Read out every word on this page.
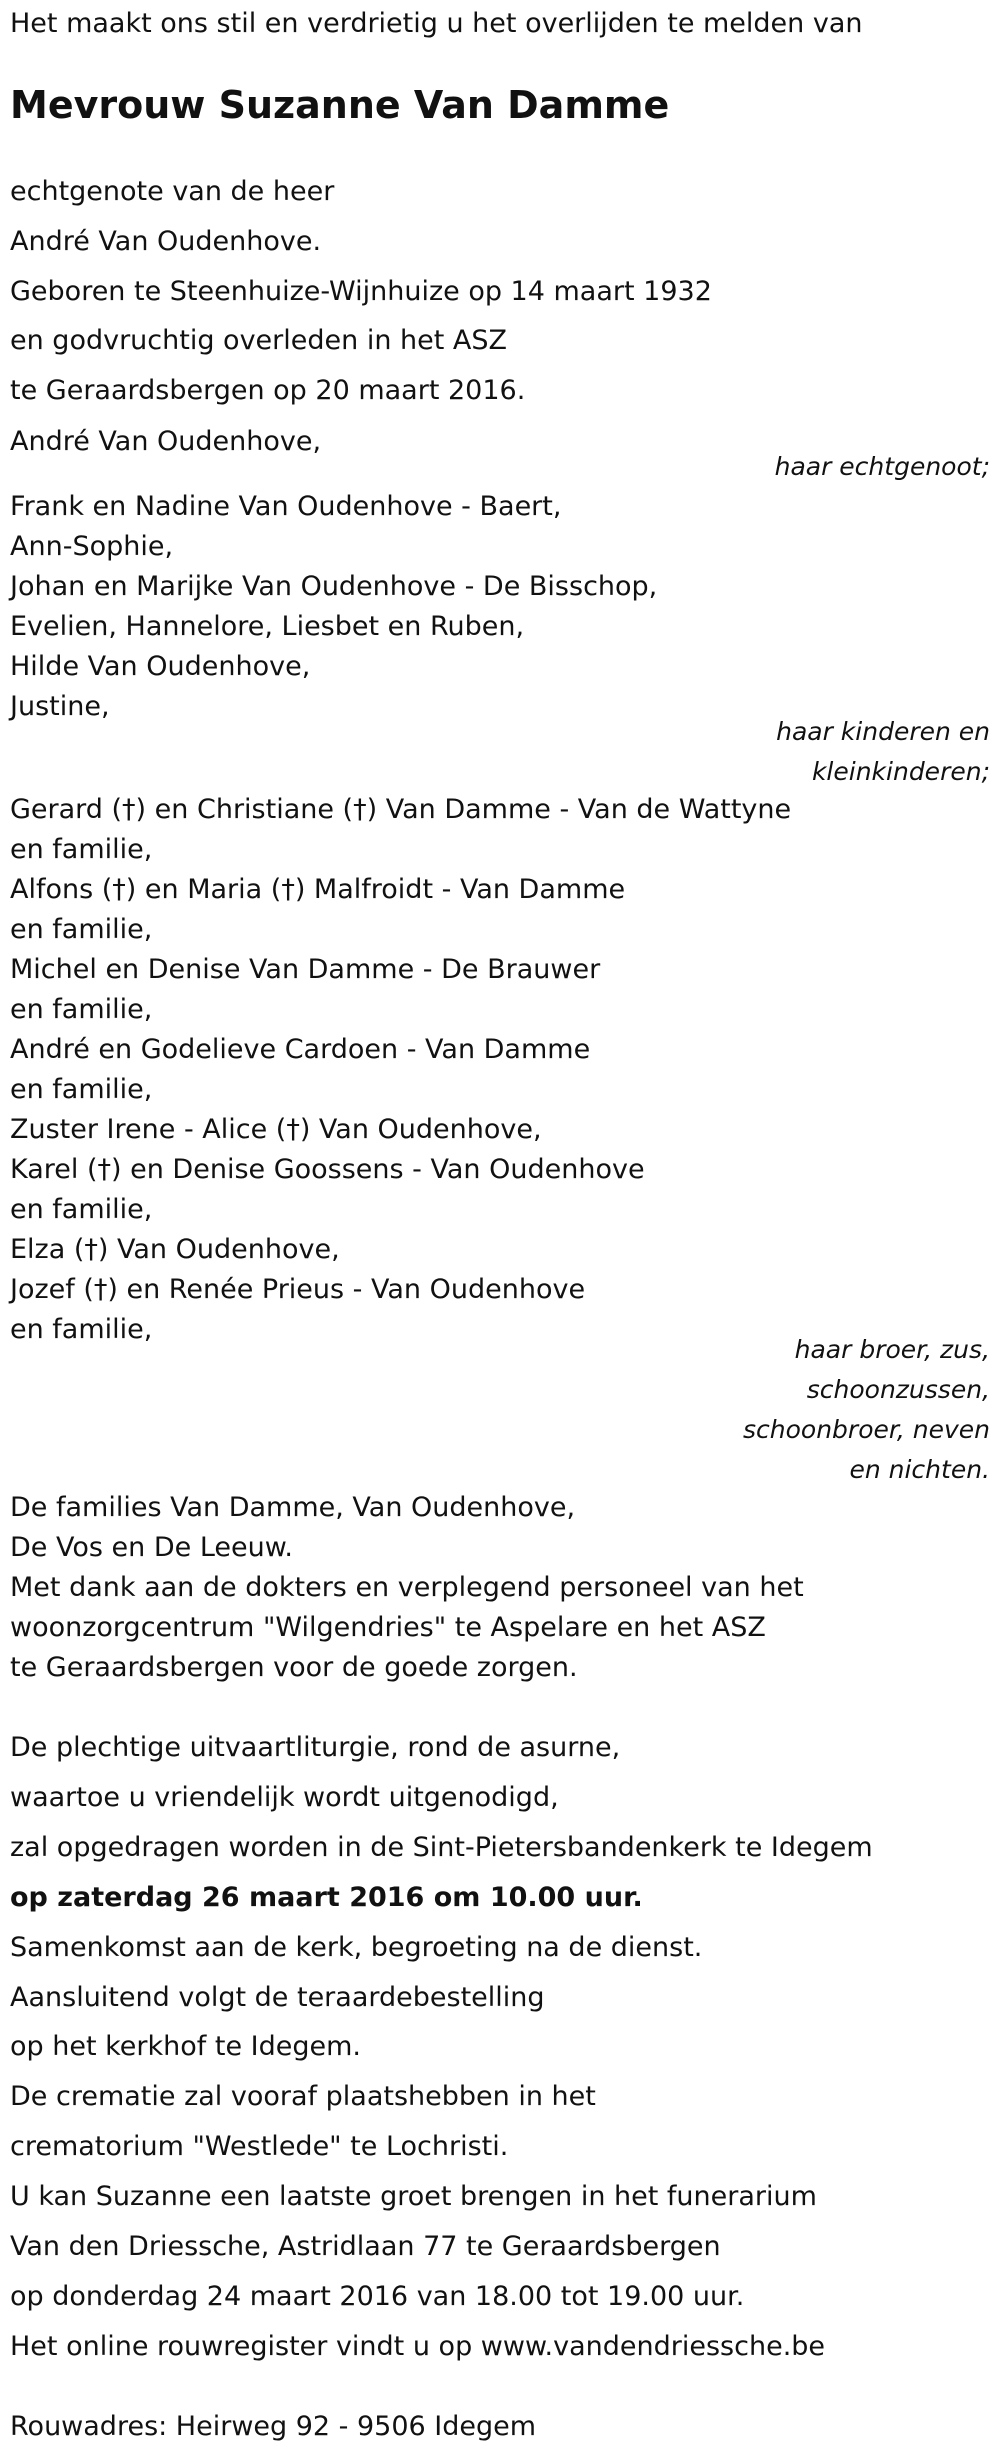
Het maakt ons stil en verdrietig u het overlijden te melden van
Mevrouw Suzanne Van Damme
echtgenote van de heer
André Van Oudenhove.
Geboren te Steenhuize-Wijnhuize op 14 maart 1932
en godvruchtig overleden in het ASZ
te Geraardsbergen op 20 maart 2016.
André Van Oudenhove,
haar echtgenoot;
Frank en Nadine Van Oudenhove - Baert,
Ann-Sophie,
Johan en Marijke Van Oudenhove - De Bisschop,
Evelien, Hannelore, Liesbet en Ruben,
Hilde Van Oudenhove,
Justine,
haar kinderen en
kleinkinderen;
Gerard (†) en Christiane (†) Van Damme - Van de Wattyne
en familie,
Alfons (†) en Maria (†) Malfroidt - Van Damme
en familie,
Michel en Denise Van Damme - De Brauwer
en familie,
André en Godelieve Cardoen - Van Damme
en familie,
Zuster Irene - Alice (†) Van Oudenhove,
Karel (†) en Denise Goossens - Van Oudenhove
en familie,
Elza (†) Van Oudenhove,
Jozef (†) en Renée Prieus - Van Oudenhove
en familie,
haar broer, zus,
schoonzussen,
schoonbroer, neven
en nichten.
De families Van Damme, Van Oudenhove,
De Vos en De Leeuw.
Met dank aan de dokters en verplegend personeel van het
woonzorgcentrum "Wilgendries" te Aspelare en het ASZ
te Geraardsbergen voor de goede zorgen.
De plechtige uitvaartliturgie, rond de asurne,
waartoe u vriendelijk wordt uitgenodigd,
zal opgedragen worden in de Sint-Pietersbandenkerk te Idegem
op zaterdag 26 maart 2016 om 10.00 uur.
Samenkomst aan de kerk, begroeting na de dienst.
Aansluitend volgt de teraardebestelling
op het kerkhof te Idegem.
De crematie zal vooraf plaatshebben in het
crematorium "Westlede" te Lochristi.
U kan Suzanne een laatste groet brengen in het funerarium
Van den Driessche, Astridlaan 77 te Geraardsbergen
op donderdag 24 maart 2016 van 18.00 tot 19.00 uur.
Het online rouwregister vindt u op www.vandendriessche.be
Rouwadres: Heirweg 92 - 9506 Idegem
